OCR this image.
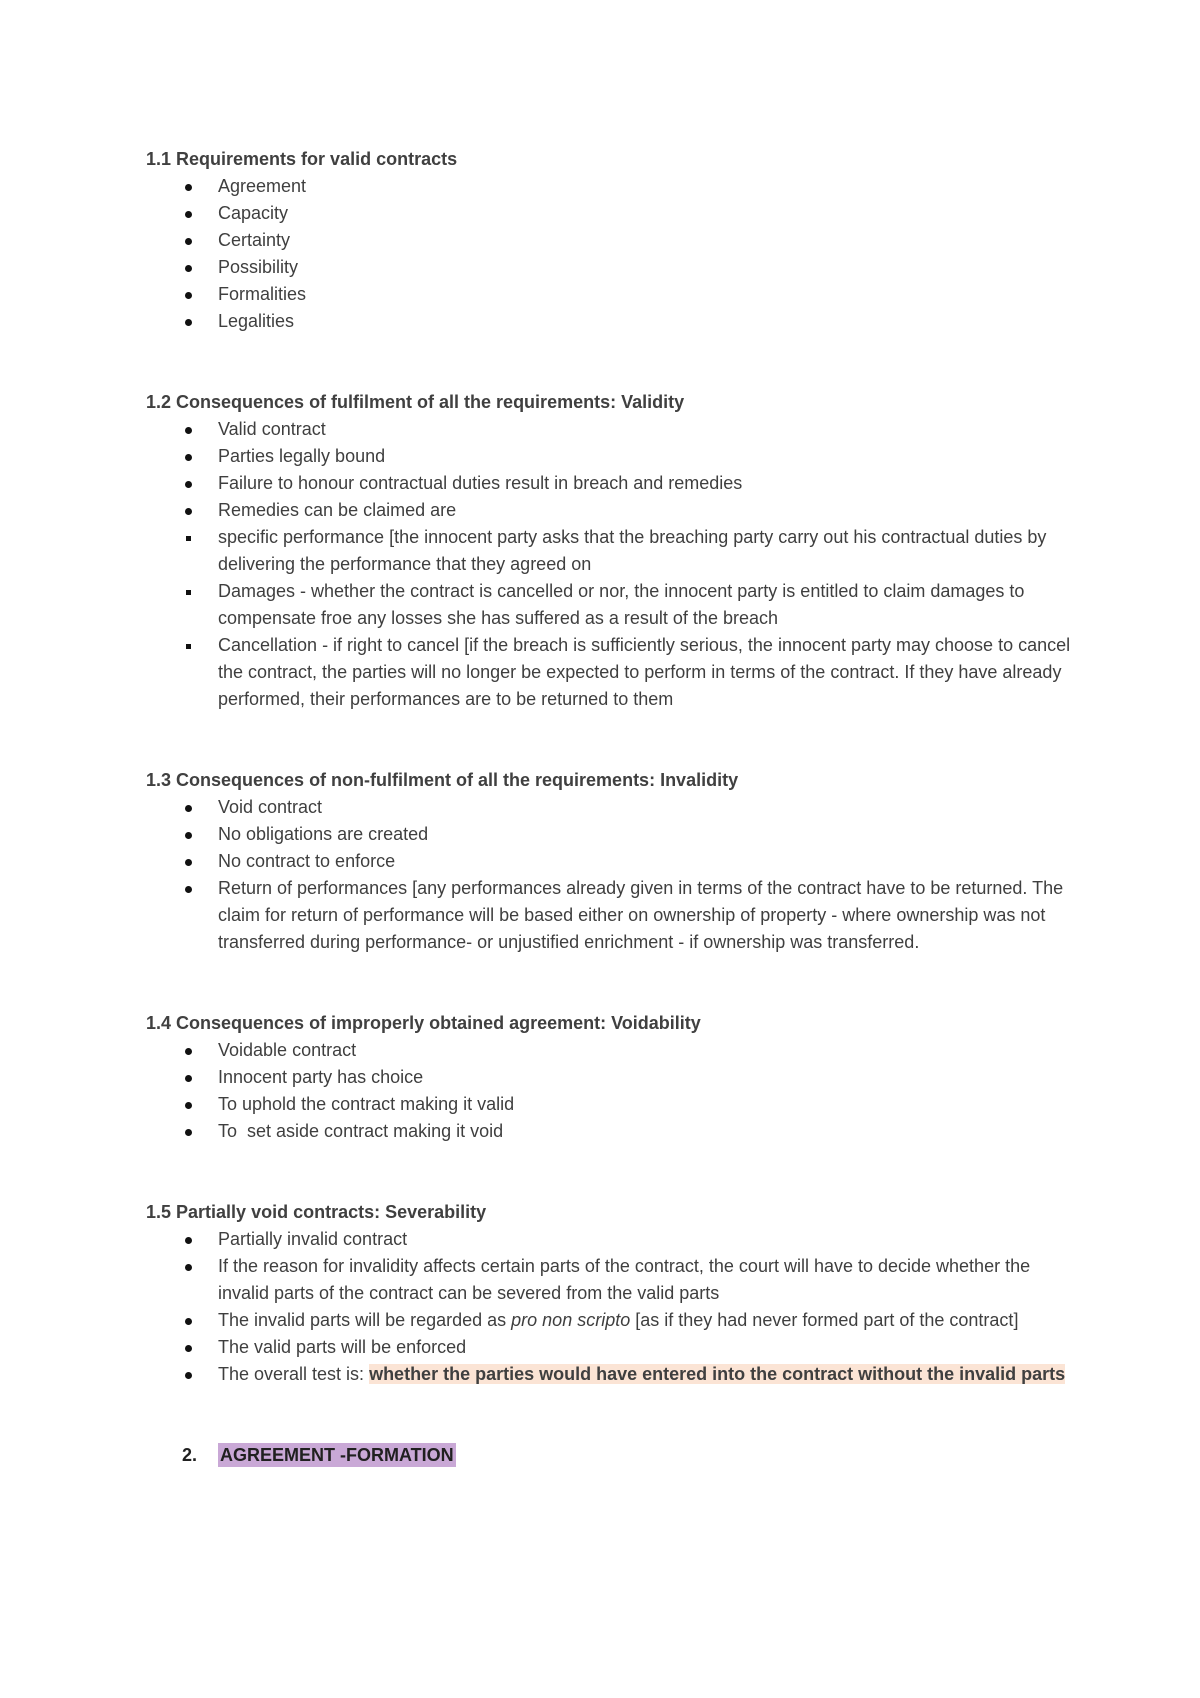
1.1 Requirements for valid contracts

Agreement
Capacity
Certainty
Possibility
Formalities
Legalities

1.2 Consequences of fulfilment of all the requirements: Validity

Valid contract
Parties legally bound
Failure to honour contractual duties result in breach and remedies
Remedies can be claimed are
specific performance [the innocent party asks that the breaching party carry out his contractual duties by delivering the performance that they agreed on
Damages - whether the contract is cancelled or nor, the innocent party is entitled to claim damages to compensate froe any losses she has suffered as a result of the breach
Cancellation - if right to cancel [if the breach is sufficiently serious, the innocent party may choose to cancel the contract, the parties will no longer be expected to perform in terms of the contract. If they have already performed, their performances are to be returned to them

1.3 Consequences of non-fulfilment of all the requirements: Invalidity

Void contract
No obligations are created
No contract to enforce
Return of performances [any performances already given in terms of the contract have to be returned. The claim for return of performance will be based either on ownership of property - where ownership was not transferred during performance- or unjustified enrichment - if ownership was transferred.

1.4 Consequences of improperly obtained agreement: Voidability

Voidable contract
Innocent party has choice
To uphold the contract making it valid
To  set aside contract making it void

1.5 Partially void contracts: Severability

Partially invalid contract
If the reason for invalidity affects certain parts of the contract, the court will have to decide whether the invalid parts of the contract can be severed from the valid parts
The invalid parts will be regarded as pro non scripto [as if they had never formed part of the contract]
The valid parts will be enforced
The overall test is: whether the parties would have entered into the contract without the invalid parts
2. AGREEMENT -FORMATION
